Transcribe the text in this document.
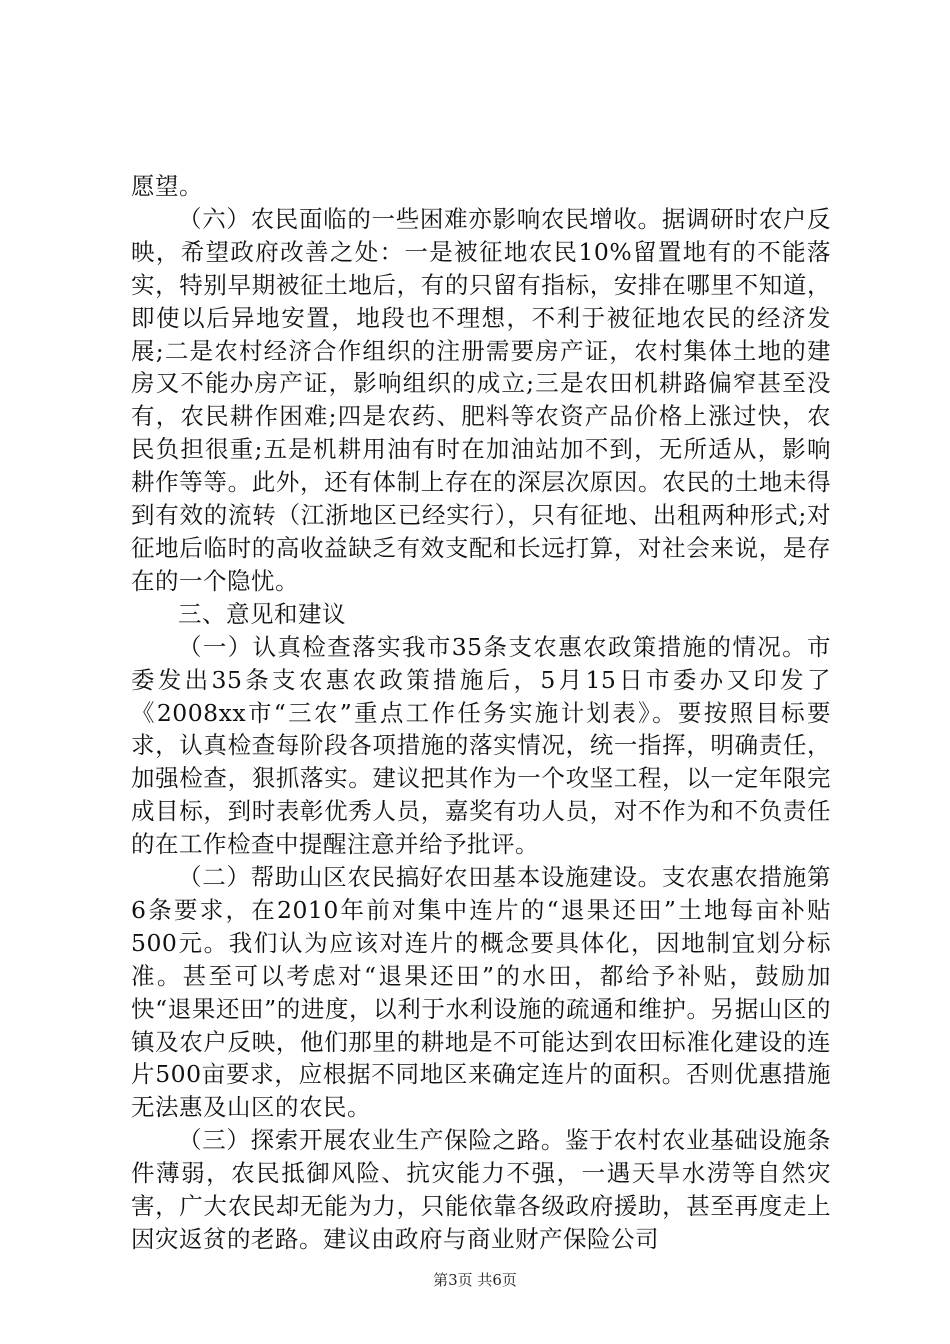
愿望。

（六）农民面临的一些困难亦影响农民增收。据调研时农户反映，希望政府改善之处：一是被征地农民10%留置地有的不能落实，特别早期被征土地后，有的只留有指标，安排在哪里不知道，即使以后异地安置，地段也不理想，不利于被征地农民的经济发展;二是农村经济合作组织的注册需要房产证，农村集体土地的建房又不能办房产证，影响组织的成立;三是农田机耕路偏窄甚至没有，农民耕作困难;四是农药、肥料等农资产品价格上涨过快，农民负担很重;五是机耕用油有时在加油站加不到，无所适从，影响耕作等等。此外，还有体制上存在的深层次原因。农民的土地未得到有效的流转（江浙地区已经实行），只有征地、出租两种形式;对征地后临时的高收益缺乏有效支配和长远打算，对社会来说，是存在的一个隐忧。

三、意见和建议

（一）认真检查落实我市35条支农惠农政策措施的情况。市委发出35条支农惠农政策措施后，5月15日市委办又印发了《2008xx市“三农”重点工作任务实施计划表》。要按照目标要求，认真检查每阶段各项措施的落实情况，统一指挥，明确责任，加强检查，狠抓落实。建议把其作为一个攻坚工程，以一定年限完成目标，到时表彰优秀人员，嘉奖有功人员，对不作为和不负责任的在工作检查中提醒注意并给予批评。

（二）帮助山区农民搞好农田基本设施建设。支农惠农措施第6条要求，在2010年前对集中连片的“退果还田”土地每亩补贴500元。我们认为应该对连片的概念要具体化，因地制宜划分标准。甚至可以考虑对“退果还田”的水田，都给予补贴，鼓励加快“退果还田”的进度，以利于水利设施的疏通和维护。另据山区的镇及农户反映，他们那里的耕地是不可能达到农田标准化建设的连片500亩要求，应根据不同地区来确定连片的面积。否则优惠措施无法惠及山区的农民。

（三）探索开展农业生产保险之路。鉴于农村农业基础设施条件薄弱，农民抵御风险、抗灾能力不强，一遇天旱水涝等自然灾害，广大农民却无能为力，只能依靠各级政府援助，甚至再度走上因灾返贫的老路。建议由政府与商业财产保险公司

第3页 共6页
